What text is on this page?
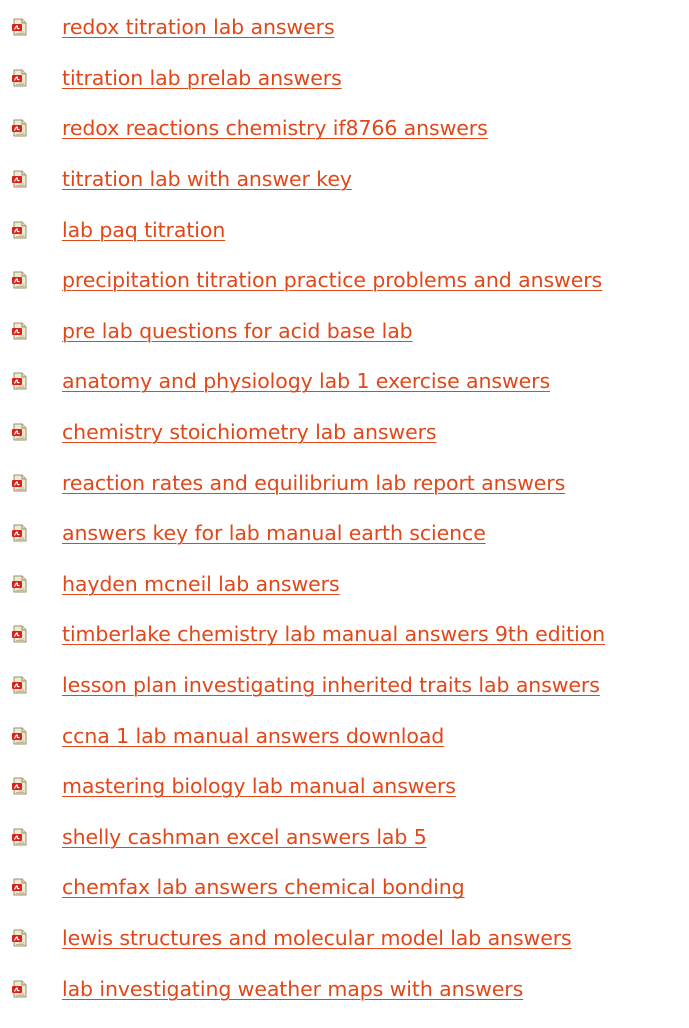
redox titration lab answers
titration lab prelab answers
redox reactions chemistry if8766 answers
titration lab with answer key
lab paq titration
precipitation titration practice problems and answers
pre lab questions for acid base lab
anatomy and physiology lab 1 exercise answers
chemistry stoichiometry lab answers
reaction rates and equilibrium lab report answers
answers key for lab manual earth science
hayden mcneil lab answers
timberlake chemistry lab manual answers 9th edition
lesson plan investigating inherited traits lab answers
ccna 1 lab manual answers download
mastering biology lab manual answers
shelly cashman excel answers lab 5
chemfax lab answers chemical bonding
lewis structures and molecular model lab answers
lab investigating weather maps with answers
